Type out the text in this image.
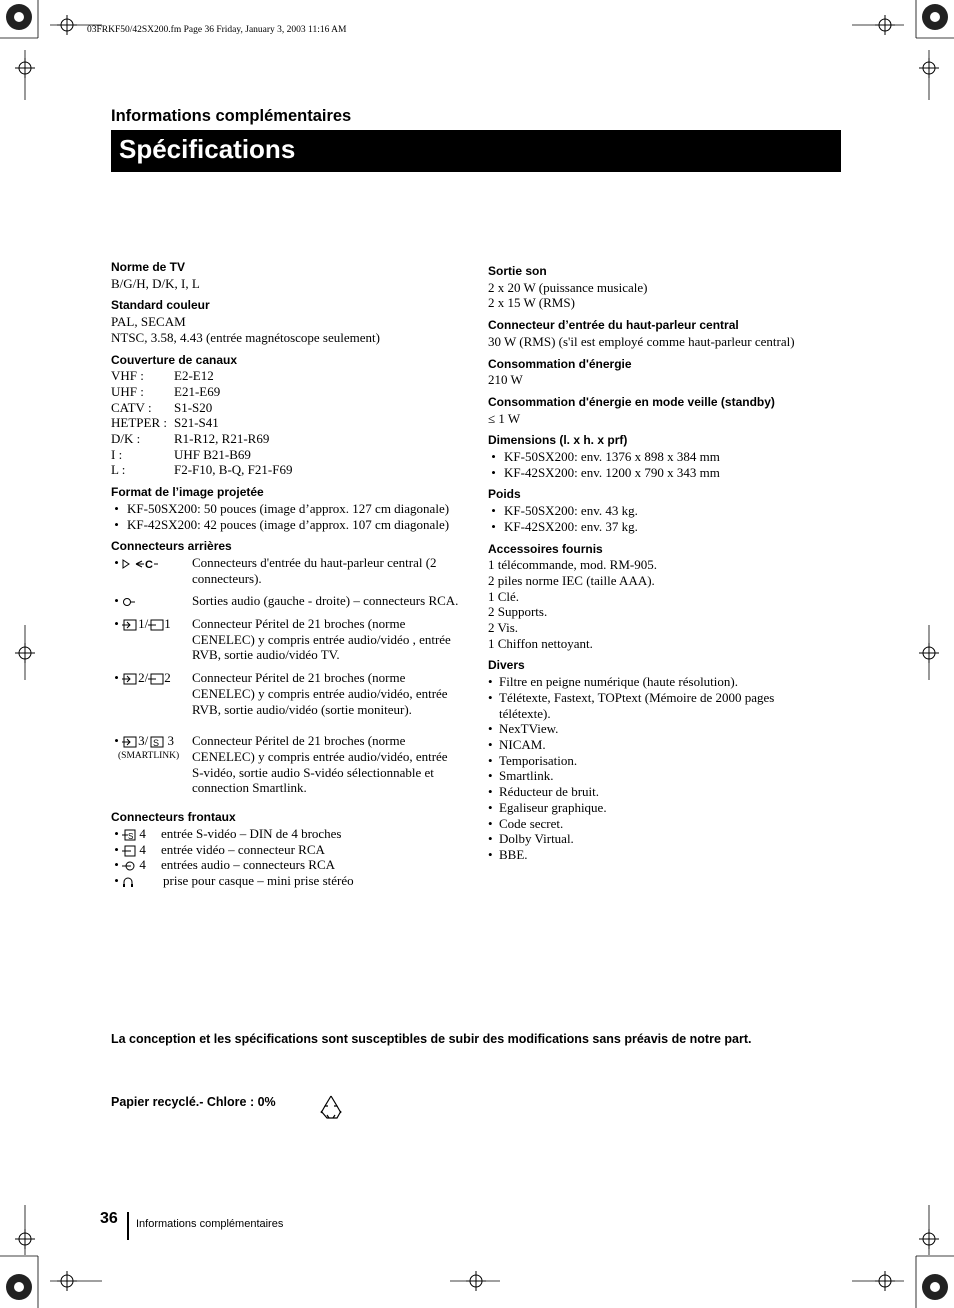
03FRKF50/42SX200.fm Page 36 Friday, January 3, 2003 11:16 AM
Informations complémentaires
Spécifications
Norme de TV

B/G/H, D/K, I, L

Standard couleur

PAL, SECAM

NTSC, 3.58, 4.43 (entrée magnétoscope seulement)

Couverture de canaux
VHF :	E2-E12
UHF :	E21-E69
CATV :	S1-S20
HETPER : S21-S41
D/K :	R1-R12, R21-R69
I :	UHF B21-B69
L :	F2-F10, B-Q, F21-F69
Format de l’image projetée
• KF-50SX200: 50 pouces (image d’approx. 127 cm diagonale)
• KF-42SX200: 42 pouces (image d’approx. 107 cm diagonale)
Connecteurs arrières
• C	Connecteurs d'entrée du haut-parleur central (2 connecteurs).
•	Sorties audio (gauche - droite) – connecteurs RCA.
• 1/ 1	Connecteur Péritel de 21 broches (norme CENELEC) y compris entrée audio/vidéo , entrée RVB, sortie audio/vidéo TV.
• 2/ 2	Connecteur Péritel de 21 broches (norme CENELEC) y compris entrée audio/vidéo, entrée RVB, sortie audio/vidéo (sortie moniteur).
• 3/ S 3
(SMARTLINK)
Connecteur Péritel de 21 broches (norme CENELEC) y compris entrée audio/vidéo, entrée S-vidéo, sortie audio S-vidéo sélectionnable et connection Smartlink.
Connecteurs frontaux
• S 4	entrée S-vidéo – DIN de 4 broches
•  4	entrée vidéo – connecteur RCA
•  4	entrées audio – connecteurs RCA
•	prise pour casque – mini prise stéréo
Sortie son

2 x 20 W (puissance musicale)

2 x 15 W (RMS)

Connecteur d’entrée du haut-parleur central

30 W (RMS) (s'il est employé comme haut-parleur central)

Consommation d'énergie

210 W

Consommation d'énergie en mode veille (standby)

≤ 1 W

Dimensions (l. x h. x prf)
• KF-50SX200: env. 1376 x 898 x 384 mm
• KF-42SX200: env. 1200 x 790 x 343 mm
Poids
• KF-50SX200: env. 43 kg.
• KF-42SX200: env. 37 kg.
Accessoires fournis

1 télécommande, mod. RM-905.

2 piles norme IEC (taille AAA).

1 Clé.

2 Supports.

2 Vis.

1 Chiffon nettoyant.

Divers
• Filtre en peigne numérique (haute résolution).
• Télétexte, Fastext, TOPtext (Mémoire de 2000 pages télétexte).
• NexTView.
• NICAM.
• Temporisation.
• Smartlink.
• Réducteur de bruit.
• Egaliseur graphique.
• Code secret.
• Dolby Virtual.
• BBE.
La conception et les spécifications sont susceptibles de subir des modifications sans préavis de notre part.
Papier recyclé.- Chlore : 0%
36 Informations complémentaires
